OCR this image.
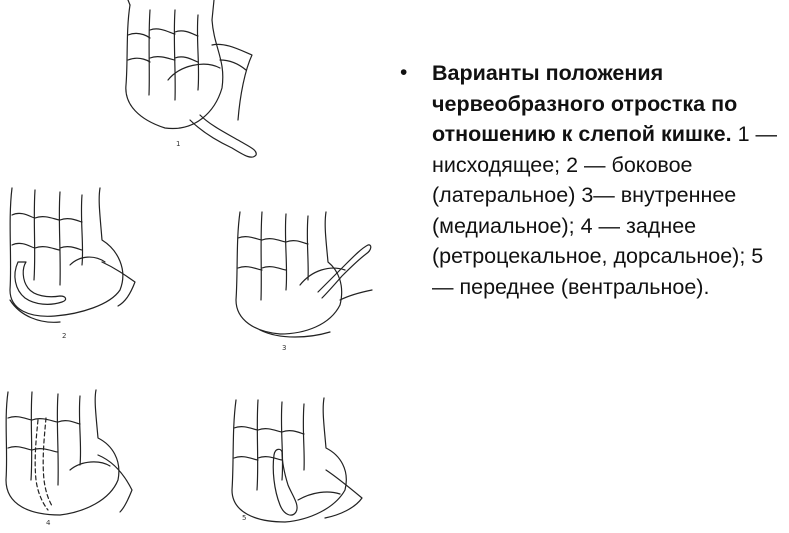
1
2
3
4
5
• Варианты положения червеобразного отростка по отношению к слепой кишке. 1 — нисходящее; 2 — боковое (латеральное) 3— внутреннее (медиальное); 4 — заднее (ретроцекальное, дорсальное); 5 — переднее (вентральное).
